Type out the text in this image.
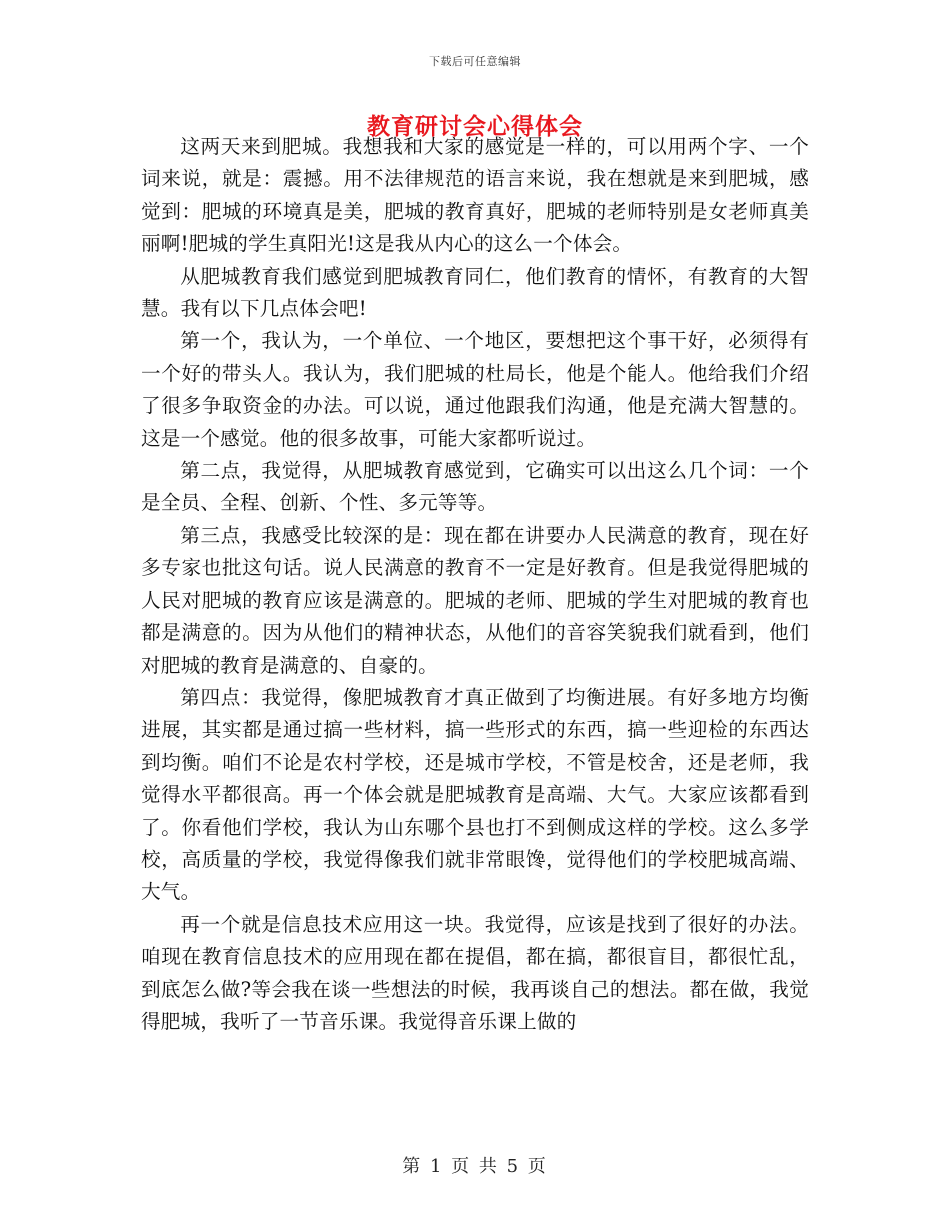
下载后可任意编辑
教育研讨会心得体会

这两天来到肥城。我想我和大家的感觉是一样的，可以用两个字、一个词来说，就是：震撼。用不法律规范的语言来说，我在想就是来到肥城，感觉到：肥城的环境真是美，肥城的教育真好，肥城的老师特别是女老师真美丽啊!肥城的学生真阳光!这是我从内心的这么一个体会。

从肥城教育我们感觉到肥城教育同仁，他们教育的情怀，有教育的大智慧。我有以下几点体会吧!

第一个，我认为，一个单位、一个地区，要想把这个事干好，必须得有一个好的带头人。我认为，我们肥城的杜局长，他是个能人。他给我们介绍了很多争取资金的办法。可以说，通过他跟我们沟通，他是充满大智慧的。这是一个感觉。他的很多故事，可能大家都听说过。

第二点，我觉得，从肥城教育感觉到，它确实可以出这么几个词：一个是全员、全程、创新、个性、多元等等。

第三点，我感受比较深的是：现在都在讲要办人民满意的教育，现在好多专家也批这句话。说人民满意的教育不一定是好教育。但是我觉得肥城的人民对肥城的教育应该是满意的。肥城的老师、肥城的学生对肥城的教育也都是满意的。因为从他们的精神状态，从他们的音容笑貌我们就看到，他们对肥城的教育是满意的、自豪的。

第四点：我觉得，像肥城教育才真正做到了均衡进展。有好多地方均衡进展，其实都是通过搞一些材料，搞一些形式的东西，搞一些迎检的东西达到均衡。咱们不论是农村学校，还是城市学校，不管是校舍，还是老师，我觉得水平都很高。再一个体会就是肥城教育是高端、大气。大家应该都看到了。你看他们学校，我认为山东哪个县也打不到侧成这样的学校。这么多学校，高质量的学校，我觉得像我们就非常眼馋，觉得他们的学校肥城高端、大气。

再一个就是信息技术应用这一块。我觉得，应该是找到了很好的办法。咱现在教育信息技术的应用现在都在提倡，都在搞，都很盲目，都很忙乱，到底怎么做?等会我在谈一些想法的时候，我再谈自己的想法。都在做，我觉得肥城，我听了一节音乐课。我觉得音乐课上做的

第 1 页 共 5 页
